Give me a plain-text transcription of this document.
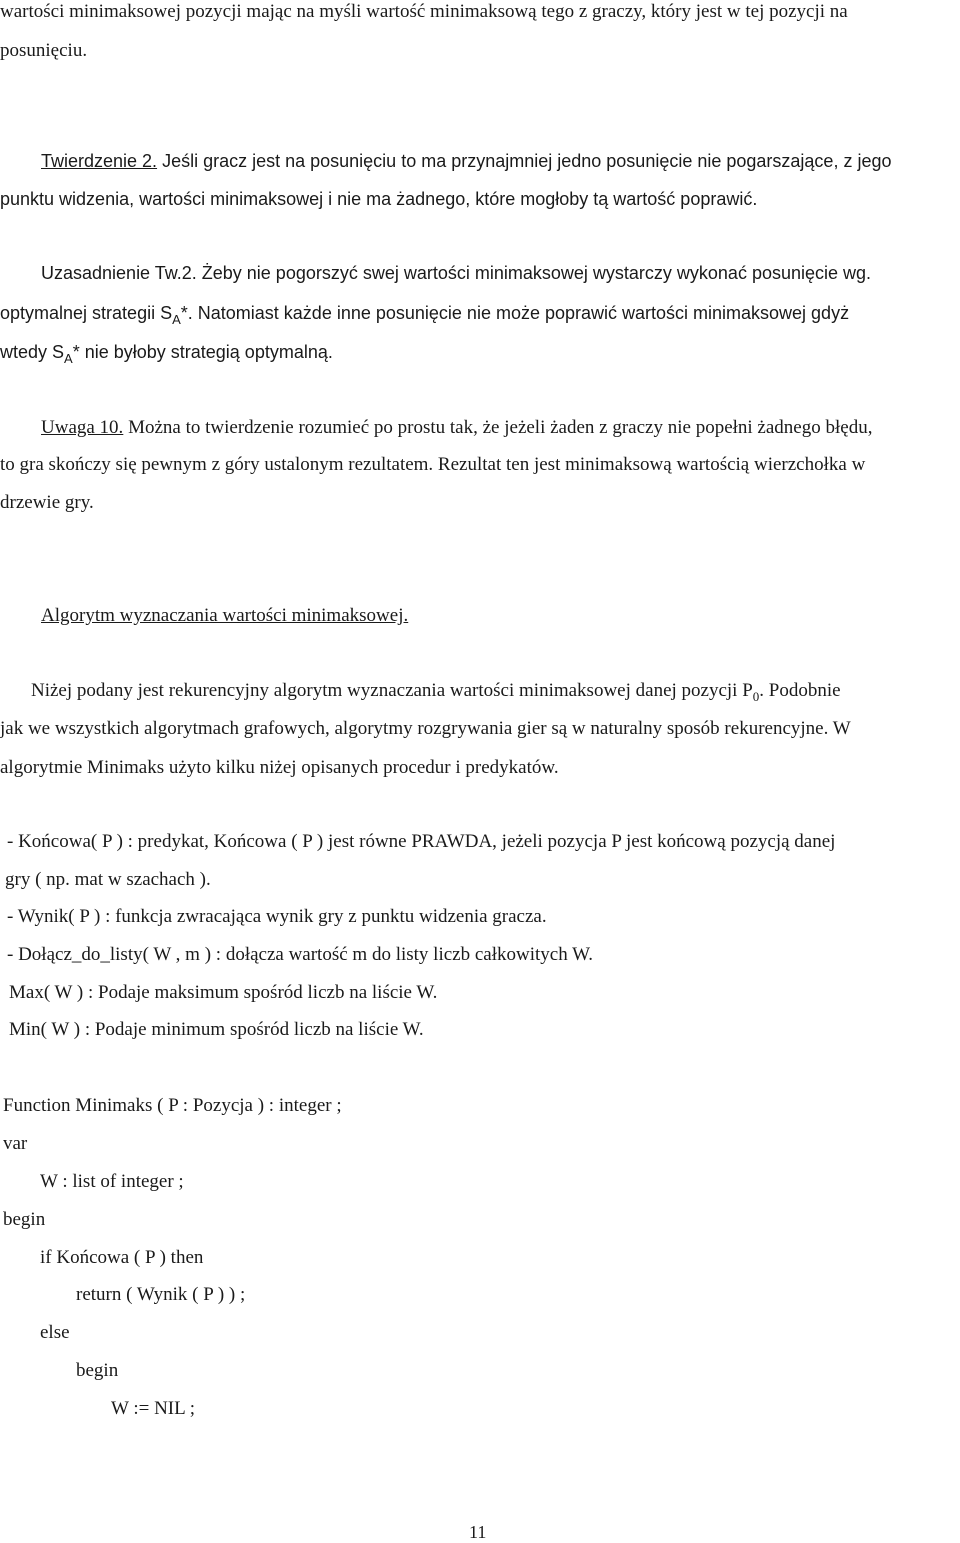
wartości minimaksowej pozycji mając na myśli wartość minimaksową tego z graczy, który jest w tej pozycji na
posunięciu.
Twierdzenie 2. Jeśli gracz jest na posunięciu to ma przynajmniej jedno posunięcie nie pogarszające, z jego
punktu widzenia, wartości minimaksowej i nie ma żadnego, które mogłoby tą wartość poprawić.
Uzasadnienie Tw.2. Żeby nie pogorszyć swej wartości minimaksowej wystarczy wykonać posunięcie wg.
optymalnej strategii $S_A*$. Natomiast każde inne posunięcie nie może poprawić wartości minimaksowej gdyż
wtedy $S_A*$ nie byłoby strategią optymalną.
Uwaga 10. Można to twierdzenie rozumieć po prostu tak, że jeżeli żaden z graczy nie popełni żadnego błędu,
to gra skończy się pewnym z góry ustalonym rezultatem. Rezultat ten jest minimaksową wartością wierzchołka w
drzewie gry.
Algorytm wyznaczania wartości minimaksowej.
Niżej podany jest rekurencyjny algorytm wyznaczania wartości minimaksowej danej pozycji $P_0$. Podobnie
jak we wszystkich algorytmach grafowych, algorytmy rozgrywania gier są w naturalny sposób rekurencyjne. W
algorytmie Minimaks użyto kilku niżej opisanych procedur i predykatów.
- Końcowa( P ) : predykat, Końcowa ( P ) jest równe PRAWDA, jeżeli pozycja P jest końcową pozycją danej
gry ( np. mat w szachach ).
- Wynik( P ) : funkcja zwracająca wynik gry z punktu widzenia gracza.
- Dołącz_do_listy( W , m ) : dołącza wartość m do listy liczb całkowitych W.
Max( W ) : Podaje maksimum spośród liczb na liście W.
Min( W ) : Podaje minimum spośród liczb na liście W.
Function Minimaks ( P : Pozycja ) : integer ;
var
W : list of integer ;
begin
if Końcowa ( P ) then
return ( Wynik ( P ) ) ;
else
begin
W := NIL ;
11
